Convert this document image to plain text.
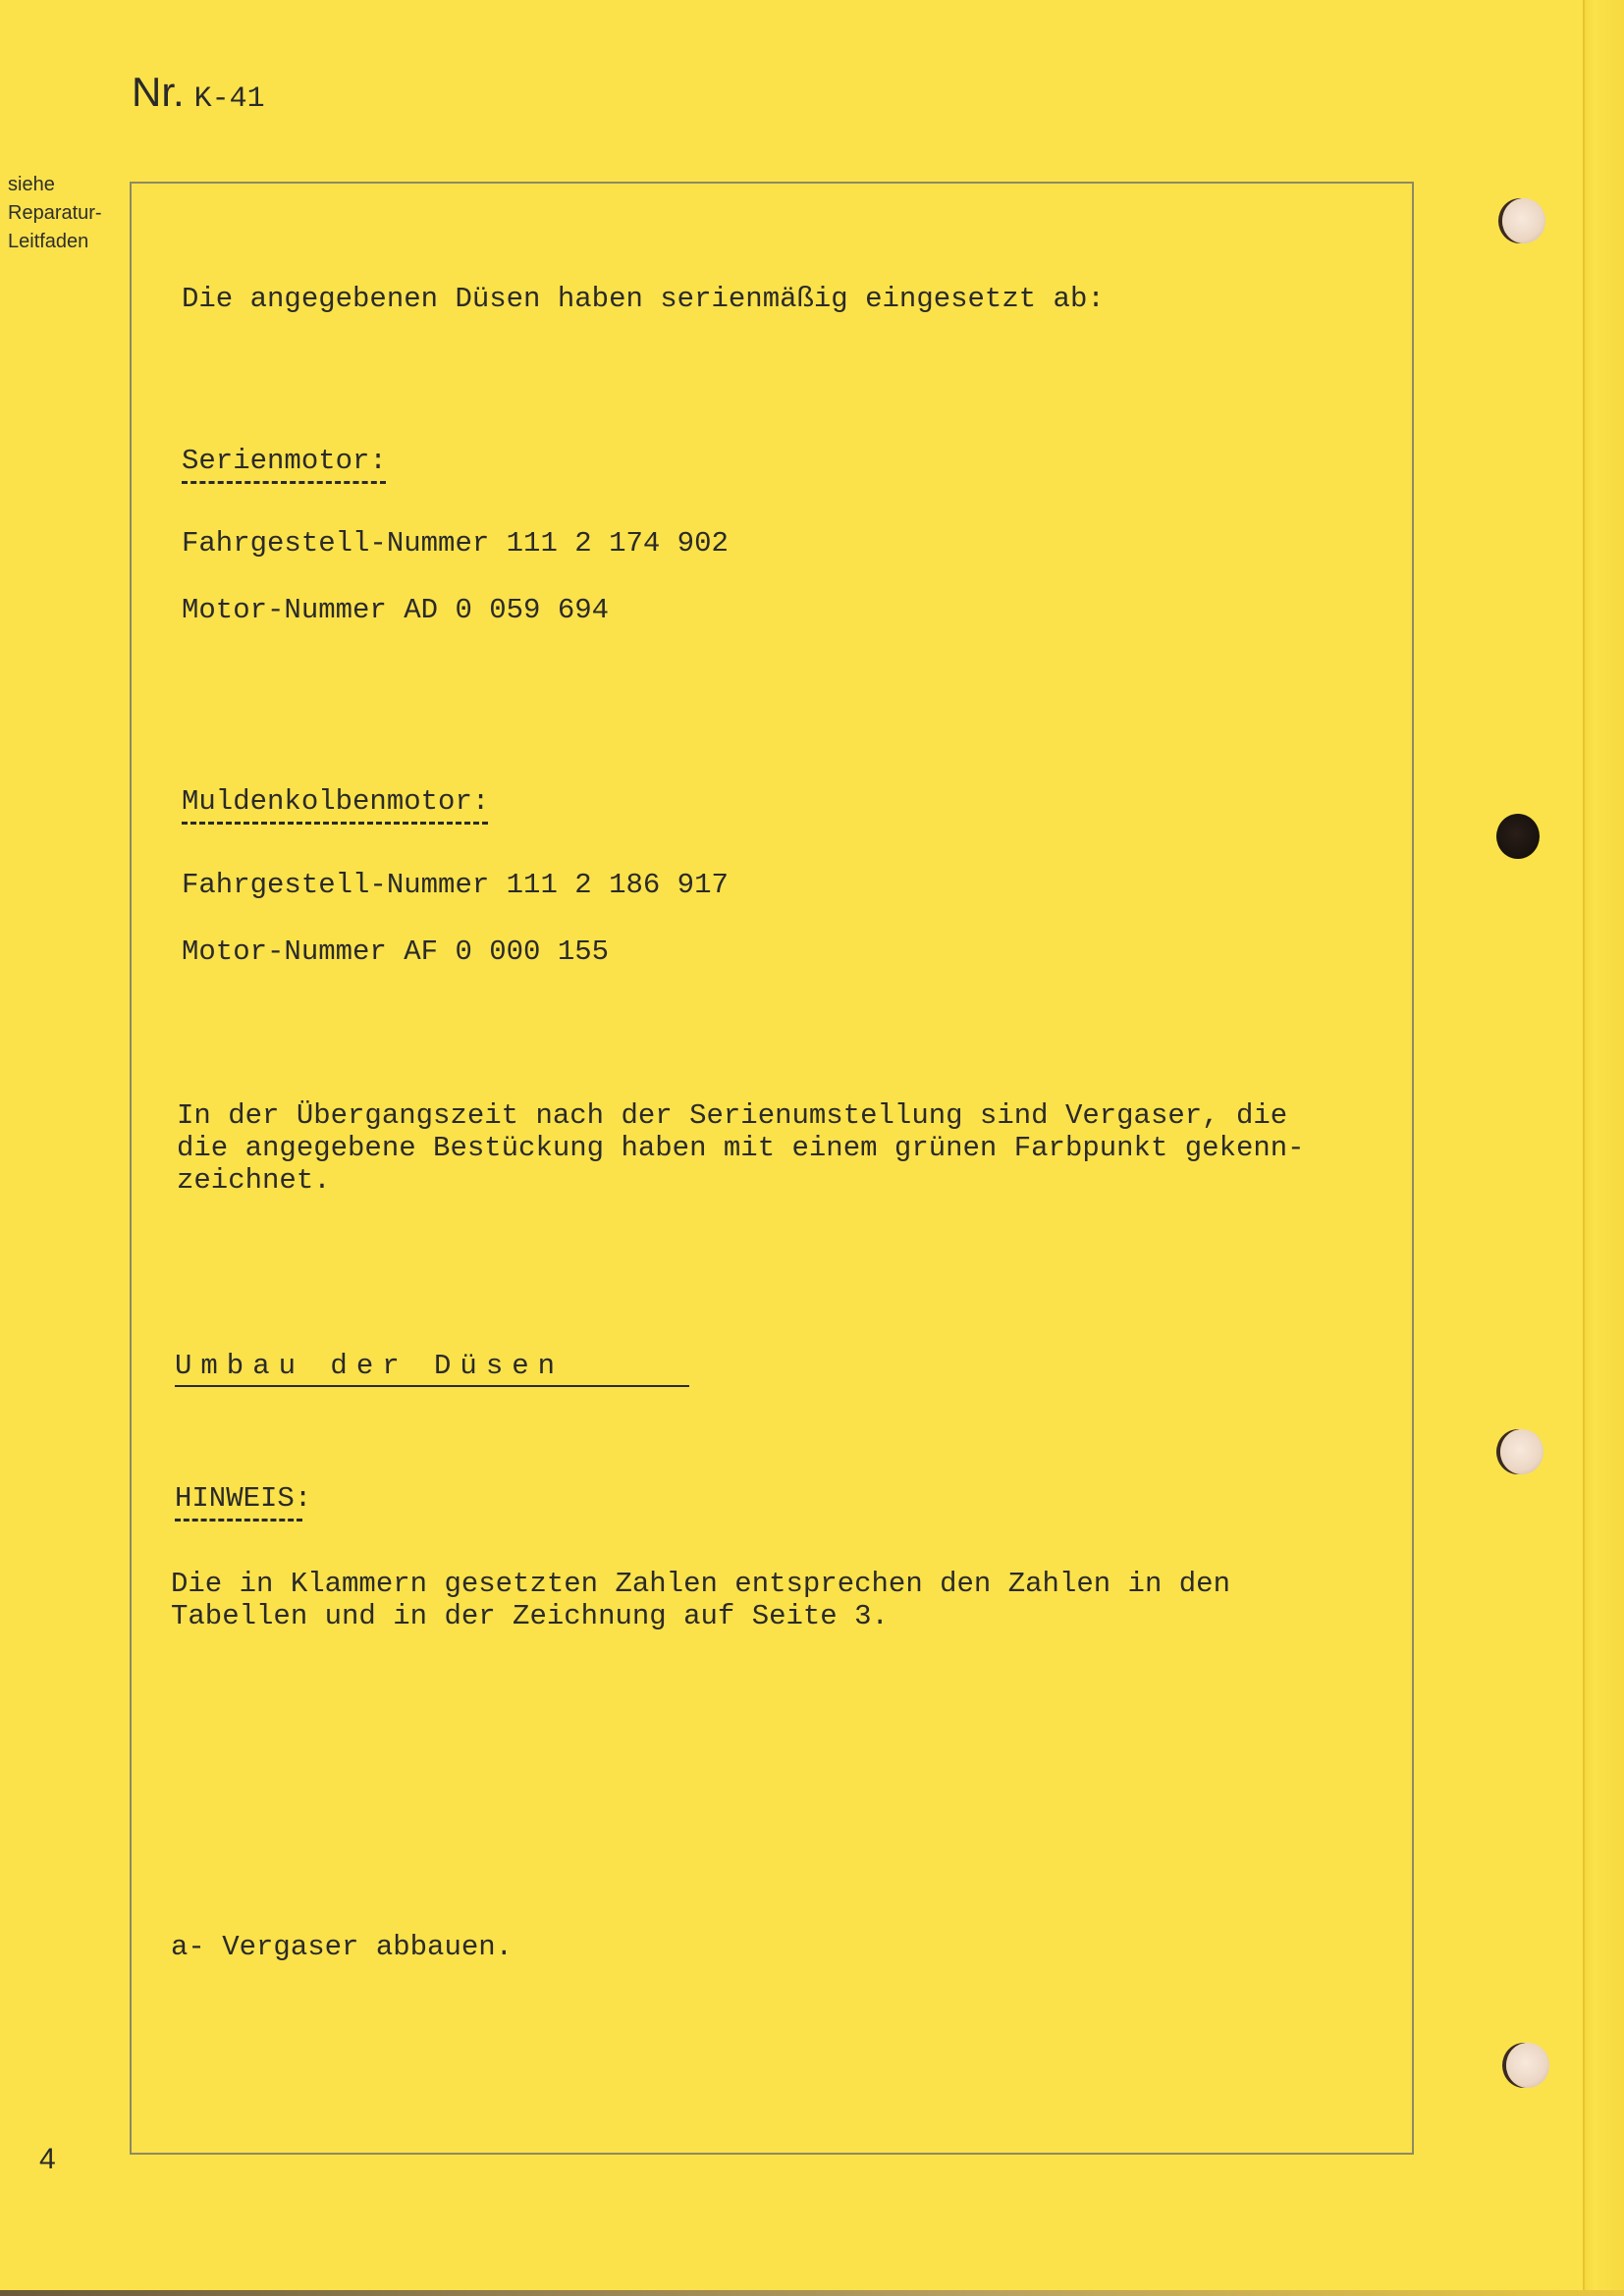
Nr. K-41
siehe
Reparatur-
Leitfaden
Die angegebenen Düsen haben serienmäßig eingesetzt ab:
Serienmotor:
Fahrgestell-Nummer 111 2 174 902
Motor-Nummer AD 0 059 694
Muldenkolbenmotor:
Fahrgestell-Nummer 111 2 186 917
Motor-Nummer AF 0 000 155
In der Übergangszeit nach der Serienumstellung sind Vergaser, die
die angegebene Bestückung haben mit einem grünen Farbpunkt gekenn-
zeichnet.
Umbau der Düsen
HINWEIS:
Die in Klammern gesetzten Zahlen entsprechen den Zahlen in den
Tabellen und in der Zeichnung auf Seite 3.
a- Vergaser abbauen.
4
